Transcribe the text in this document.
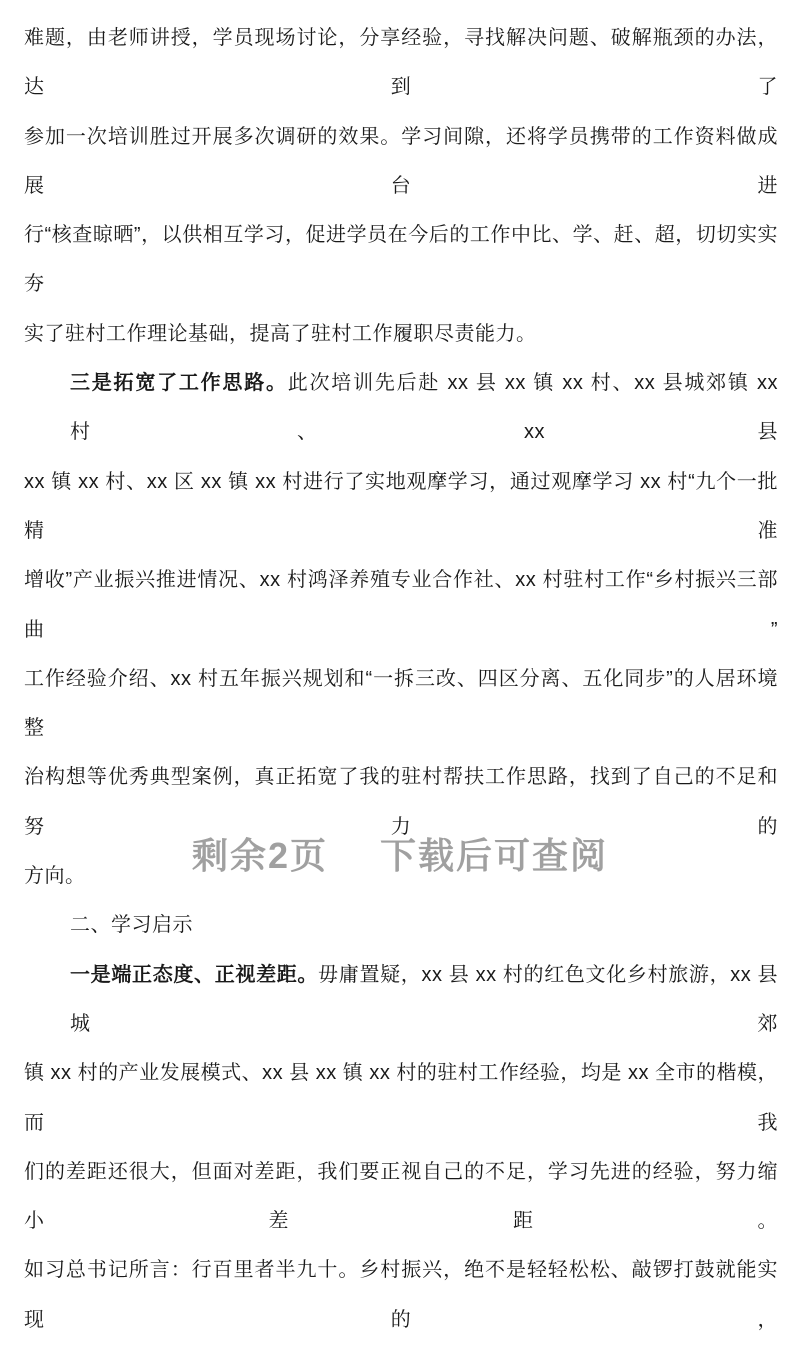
难题，由老师讲授，学员现场讨论，分享经验，寻找解决问题、破解瓶颈的办法，达到了
参加一次培训胜过开展多次调研的效果。学习间隙，还将学员携带的工作资料做成展台进
行“核查晾晒”，以供相互学习，促进学员在今后的工作中比、学、赶、超，切切实实夯
实了驻村工作理论基础，提高了驻村工作履职尽责能力。
三是拓宽了工作思路。此次培训先后赴 xx 县 xx 镇 xx 村、xx 县城郊镇 xx 村、xx 县
xx 镇 xx 村、xx 区 xx 镇 xx 村进行了实地观摩学习，通过观摩学习 xx 村“九个一批精准
增收”产业振兴推进情况、xx 村鸿泽养殖专业合作社、xx 村驻村工作“乡村振兴三部曲”
工作经验介绍、xx 村五年振兴规划和“一拆三改、四区分离、五化同步”的人居环境整
治构想等优秀典型案例，真正拓宽了我的驻村帮扶工作思路，找到了自己的不足和努力的
方向。
二、学习启示
一是端正态度、正视差距。毋庸置疑，xx 县 xx 村的红色文化乡村旅游，xx 县城郊
镇 xx 村的产业发展模式、xx 县 xx 镇 xx 村的驻村工作经验，均是 xx 全市的楷模，而我
们的差距还很大，但面对差距，我们要正视自己的不足，学习先进的经验，努力缩小差距。
如习总书记所言：行百里者半九十。乡村振兴，绝不是轻轻松松、敲锣打鼓就能实现的，
剩余2页 下载后可查阅
